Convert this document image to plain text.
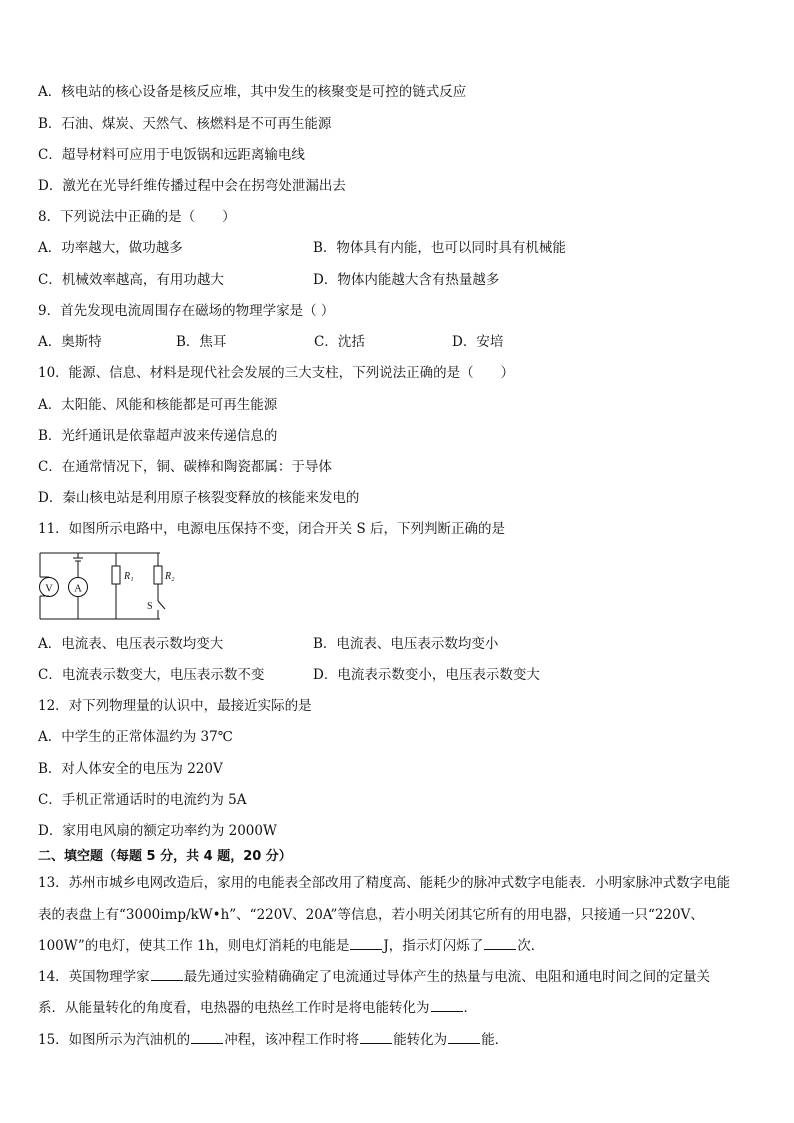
A．核电站的核心设备是核反应堆，其中发生的核聚变是可控的链式反应
B．石油、煤炭、天然气、核燃料是不可再生能源
C．超导材料可应用于电饭锅和远距离输电线
D．激光在光导纤维传播过程中会在拐弯处泄漏出去
8．下列说法中正确的是（　　）
A．功率越大，做功越多	B．物体具有内能，也可以同时具有机械能
C．机械效率越高，有用功越大	D．物体内能越大含有热量越多
9．首先发现电流周围存在磁场的物理学家是（ ）
A．奥斯特	B．焦耳	C．沈括	D．安培
10．能源、信息、材料是现代社会发展的三大支柱，下列说法正确的是（　　）
A．太阳能、风能和核能都是可再生能源
B．光纤通讯是依靠超声波来传递信息的
C．在通常情况下，铜、碳棒和陶瓷都属：于导体
D．秦山核电站是利用原子核裂变释放的核能来发电的
11．如图所示电路中，电源电压保持不变，闭合开关 S 后，下列判断正确的是
V A
R₁	R₂
S
A．电流表、电压表示数均变大	B．电流表、电压表示数均变小
C．电流表示数变大，电压表示数不变	D．电流表示数变小，电压表示数变大
12．对下列物理量的认识中，最接近实际的是
A．中学生的正常体温约为 37℃
B．对人体安全的电压为 220V
C．手机正常通话时的电流约为 5A
D．家用电风扇的额定功率约为 2000W
二、填空题（每题 5 分，共 4 题，20 分）
13．苏州市城乡电网改造后，家用的电能表全部改用了精度高、能耗少的脉冲式数字电能表．小明家脉冲式数字电能
表的表盘上有“3000imp/kW•h”、“220V、20A”等信息，若小明关闭其它所有的用电器，只接通一只“220V、
100W”的电灯，使其工作 1h，则电灯消耗的电能是	J，指示灯闪烁了	次．
14．英国物理学家	最先通过实验精确确定了电流通过导体产生的热量与电流、电阻和通电时间之间的定量关
系．从能量转化的角度看，电热器的电热丝工作时是将电能转化为	．
15．如图所示为汽油机的	冲程，该冲程工作时将	能转化为	能．
